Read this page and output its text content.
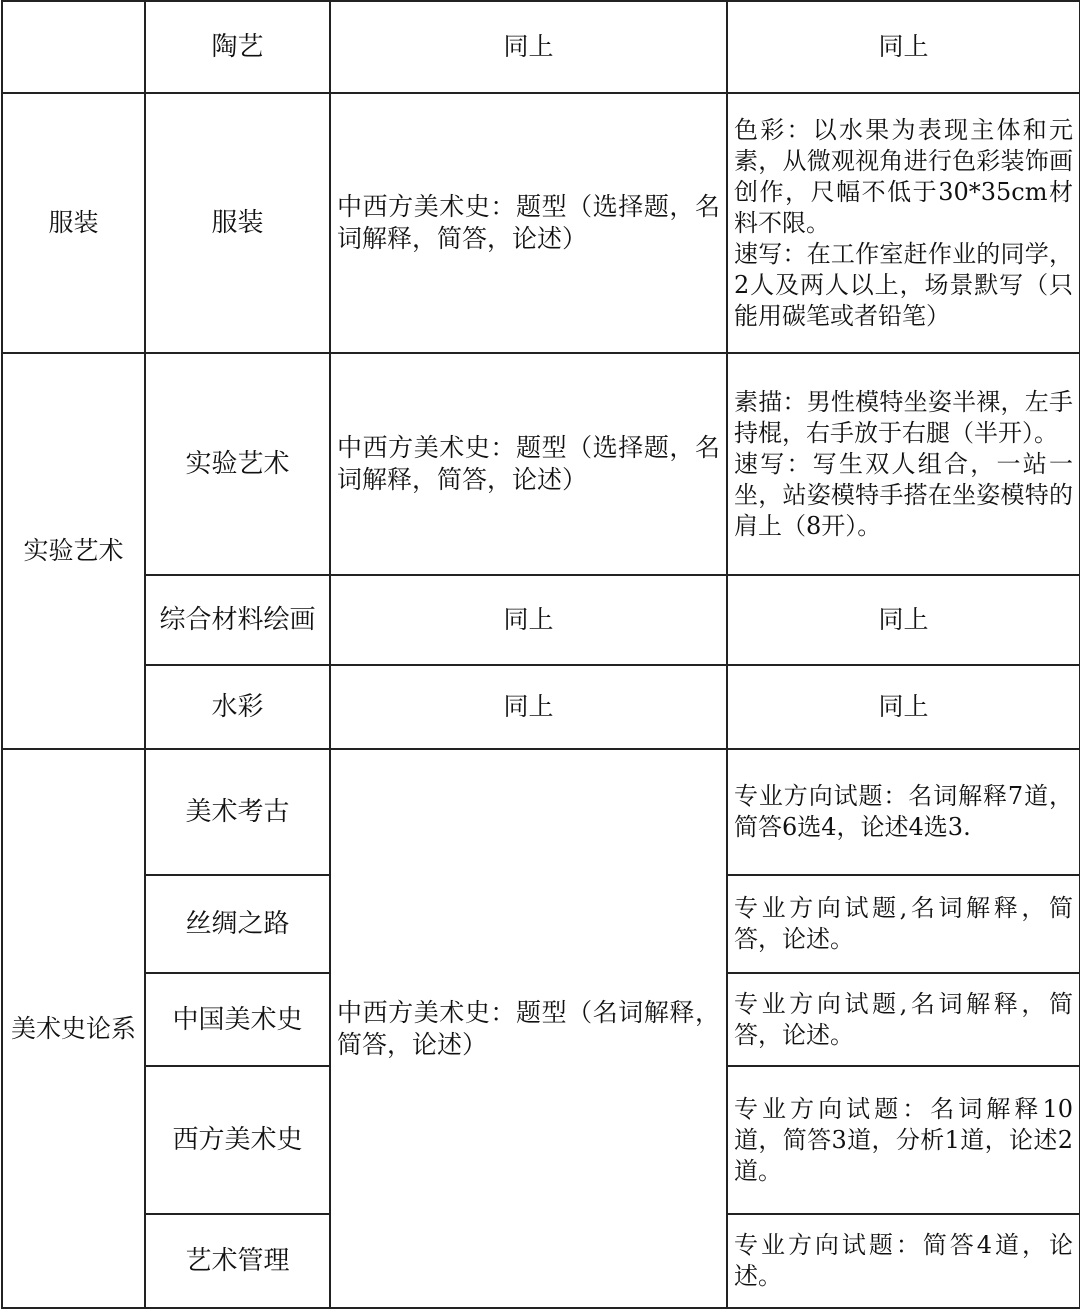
	陶艺	同上	同上
服装	服装	中西方美术史：题型（选择题，名词解释，简答，论述）	色彩：以水果为表现主体和元素，从微观视角进行色彩装饰画创作，尺幅不低于30*35cm材料不限。
速写：在工作室赶作业的同学，2人及两人以上，场景默写（只能用碳笔或者铅笔）
实验艺术	实验艺术	中西方美术史：题型（选择题，名词解释，简答，论述）	素描：男性模特坐姿半裸，左手持棍，右手放于右腿（半开）。
速写：写生双人组合，一站一坐，站姿模特手搭在坐姿模特的肩上（8开）。
	综合材料绘画	同上	同上
	水彩	同上	同上
美术史论系	美术考古	中西方美术史：题型（名词解释，简答，论述）	专业方向试题：名词解释7道，简答6选4，论述4选3.
	丝绸之路		专业方向试题,名词解释，简答，论述。
	中国美术史		专业方向试题,名词解释，简答，论述。
	西方美术史		专业方向试题：名词解释10道，简答3道，分析1道，论述2道。
	艺术管理		专业方向试题：简答4道，论述。
